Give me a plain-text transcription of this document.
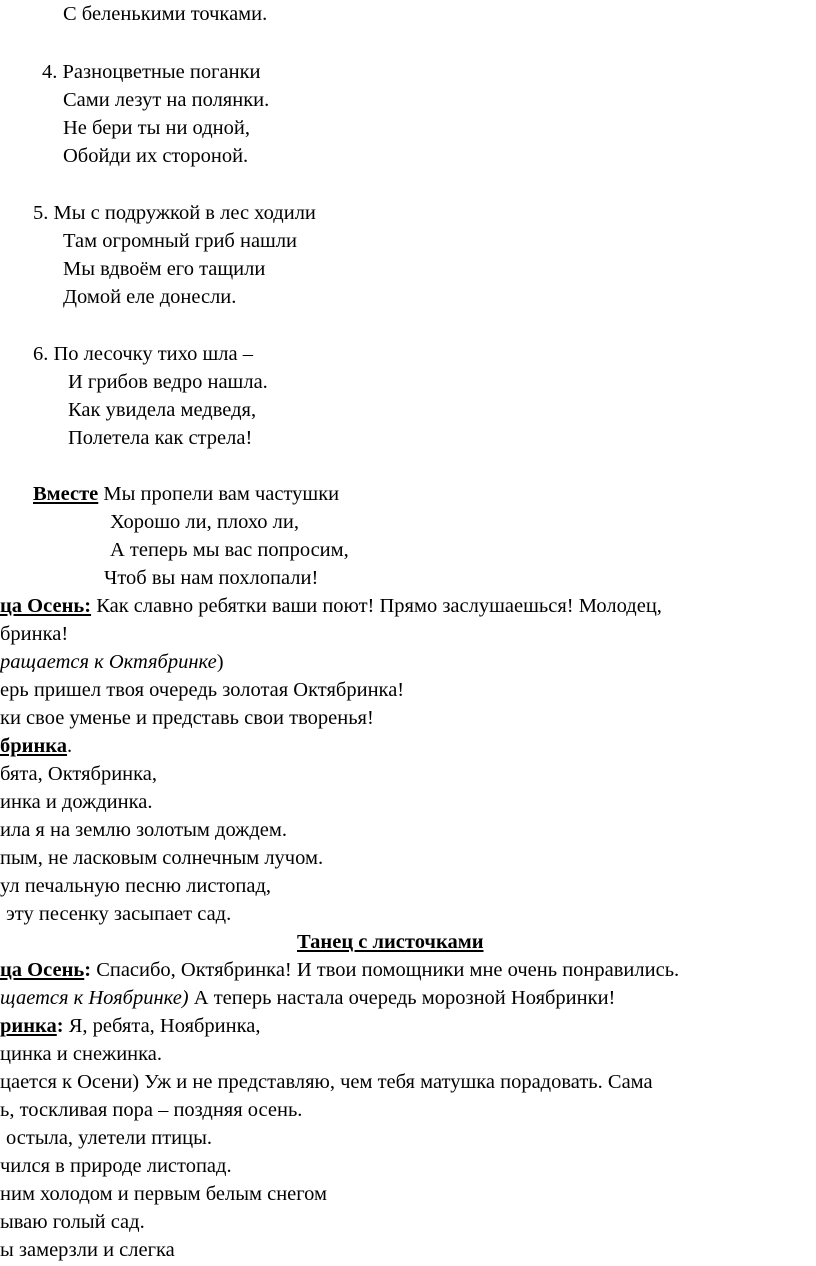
С беленькими точками.
4. Разноцветные поганки
Сами лезут на полянки.
Не бери ты ни одной,
Обойди их стороной.
5. Мы с подружкой в лес ходили
Там огромный гриб нашли
Мы вдвоём его тащили
Домой еле донесли.
6. По лесочку тихо шла –
И грибов ведро нашла.
Как увидела медведя,
Полетела как стрела!
Вместе Мы пропели вам частушки
Хорошо ли, плохо ли,
А теперь мы вас попросим,
Чтоб вы нам похлопали!
ца Осень: Как славно ребятки ваши поют! Прямо заслушаешься! Молодец,
бринка!
ращается к Октябринке)
ерь пришел твоя очередь золотая Октябринка!
ки свое уменье и представь свои творенья!
бринка.
бята, Октябринка,
инка и дождинка.
ила я на землю золотым дождем.
пым, не ласковым солнечным лучом.
ул печальную песню листопад,
эту песенку засыпает сад.
Танец с листочками
ца Осень: Спасибо, Октябринка! И твои помощники мне очень понравились.
щается к Ноябринке) А теперь настала очередь морозной Ноябринки!
ринка: Я, ребята, Ноябринка,
цинка и снежинка.
цается к Осени) Уж и не представляю, чем тебя матушка порадовать. Сама
ь, тоскливая пора – поздняя осень.
остыла, улетели птицы.
чился в природе листопад.
ним холодом и первым белым снегом
ываю голый сад.
ы замерзли и слегка
